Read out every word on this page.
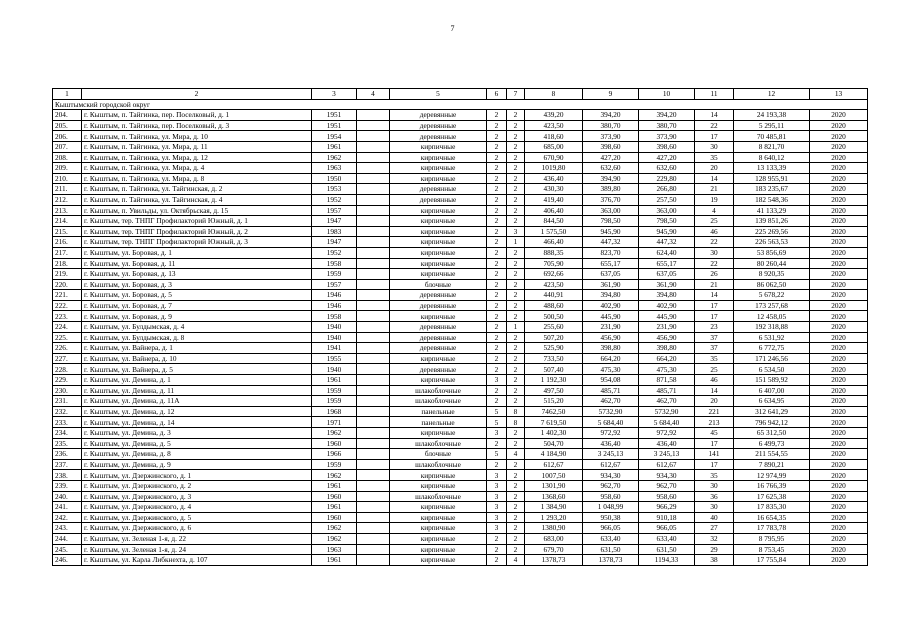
7
1	2	3	4	5	6	7	8	9	10	11	12	13
Кыштымский городской округ												
204.	г. Кыштым, п. Тайгинка, пер. Поселковый, д. 1	1951		деревянные	2	2	439,20	394,20	394,20	14	24 193,38	2020
205.	г. Кыштым, п. Тайгинка, пер. Поселковый, д. 3	1951		деревянные	2	2	423,50	380,70	380,70	22	5 295,11	2020
206.	г. Кыштым, п. Тайгинка, ул. Мира, д. 10	1954		деревянные	2	2	418,60	373,90	373,90	17	70 485,81	2020
207.	г. Кыштым, п. Тайгинка, ул. Мира, д. 11	1961		кирпичные	2	2	685,00	398,60	398,60	30	8 821,70	2020
208.	г. Кыштым, п. Тайгинка, ул. Мира, д. 12	1962		кирпичные	2	2	670,90	427,20	427,20	35	8 640,12	2020
209.	г. Кыштым, п. Тайгинка, ул. Мира, д. 4	1963		кирпичные	2	2	1019,80	632,60	632,60	20	13 133,39	2020
210.	г. Кыштым, п. Тайгинка, ул. Мира, д. 8	1950		кирпичные	2	2	436,40	394,90	229,80	14	128 955,91	2020
211.	г. Кыштым, п. Тайгинка, ул. Тайгинская, д. 2	1953		деревянные	2	2	430,30	389,80	266,80	21	183 235,67	2020
212.	г. Кыштым, п. Тайгинка, ул. Тайгинская, д. 4	1952		деревянные	2	2	419,40	376,70	257,50	19	182 548,36	2020
213.	г. Кыштым, п. Увильды, ул. Октябрьская, д. 15	1957		кирпичные	2	2	406,40	363,00	363,00	4	41 133,29	2020
214.	г. Кыштым, тер. ТНПГ Профилакторий Южный, д. 1	1947		кирпичные	2	2	844,50	798,50	798,50	25	139 851,26	2020
215.	г. Кыштым, тер. ТНПГ Профилакторий Южный, д. 2	1983		кирпичные	2	3	1 575,50	945,90	945,90	46	225 269,56	2020
216.	г. Кыштым, тер. ТНПГ Профилакторий Южный, д. 3	1947		кирпичные	2	1	466,40	447,32	447,32	22	226 563,53	2020
217.	г. Кыштым, ул. Боровая, д. 1	1952		кирпичные	2	2	888,35	823,70	624,40	30	53 856,69	2020
218.	г. Кыштым, ул. Боровая, д. 11	1958		кирпичные	2	2	705,90	655,17	655,17	22	80 260,44	2020
219.	г. Кыштым, ул. Боровая, д. 13	1959		кирпичные	2	2	692,66	637,05	637,05	26	8 920,35	2020
220.	г. Кыштым, ул. Боровая, д. 3	1957		блочные	2	2	423,50	361,90	361,90	21	86 062,50	2020
221.	г. Кыштым, ул. Боровая, д. 5	1946		деревянные	2	2	440,91	394,80	394,80	14	5 678,22	2020
222.	г. Кыштым, ул. Боровая, д. 7	1946		деревянные	2	2	488,60	402,90	402,90	17	173 257,68	2020
223.	г. Кыштым, ул. Боровая, д. 9	1958		кирпичные	2	2	500,50	445,90	445,90	17	12 458,05	2020
224.	г. Кыштым, ул. Булдымская, д. 4	1940		деревянные	2	1	255,60	231,90	231,90	23	192 318,88	2020
225.	г. Кыштым, ул. Булдымская, д. 8	1940		деревянные	2	2	507,20	456,90	456,90	37	6 531,92	2020
226.	г. Кыштым, ул. Вайнера, д. 1	1941		деревянные	2	2	525,90	398,80	398,80	37	6 772,75	2020
227.	г. Кыштым, ул. Вайнера, д. 10	1955		кирпичные	2	2	733,50	664,20	664,20	35	171 246,56	2020
228.	г. Кыштым, ул. Вайнера, д. 5	1940		деревянные	2	2	507,40	475,30	475,30	25	6 534,50	2020
229.	г. Кыштым, ул. Демина, д. 1	1961		кирпичные	3	2	1 192,30	954,08	871,58	46	151 589,92	2020
230.	г. Кыштым, ул. Демина, д. 11	1959		шлакоблочные	2	2	497,50	485,71	485,71	14	6 407,00	2020
231.	г. Кыштым, ул. Демина, д. 11А	1959		шлакоблочные	2	2	515,20	462,70	462,70	20	6 634,95	2020
232.	г. Кыштым, ул. Демина, д. 12	1968		панельные	5	8	7462,50	5732,90	5732,90	221	312 641,29	2020
233.	г. Кыштым, ул. Демина, д. 14	1971		панельные	5	8	7 619,50	5 684,40	5 684,40	213	796 942,12	2020
234.	г. Кыштым, ул. Демина, д. 3	1962		кирпичные	3	2	1 402,30	972,92	972,92	45	65 312,50	2020
235.	г. Кыштым, ул. Демина, д. 5	1960		шлакоблочные	2	2	504,70	436,40	436,40	17	6 499,73	2020
236.	г. Кыштым, ул. Демина, д. 8	1966		блочные	5	4	4 184,90	3 245,13	3 245,13	141	211 554,55	2020
237.	г. Кыштым, ул. Демина, д. 9	1959		шлакоблочные	2	2	612,67	612,67	612,67	17	7 890,21	2020
238.	г. Кыштым, ул. Дзержинского, д. 1	1962		кирпичные	3	2	1007,50	934,30	934,30	35	12 974,99	2020
239.	г. Кыштым, ул. Дзержинского, д. 2	1961		кирпичные	3	2	1301,90	962,70	962,70	30	16 766,39	2020
240.	г. Кыштым, ул. Дзержинского, д. 3	1960		шлакоблочные	3	2	1368,60	958,60	958,60	36	17 625,38	2020
241.	г. Кыштым, ул. Дзержинского, д. 4	1961		кирпичные	3	2	1 384,90	1 048,99	966,29	30	17 835,30	2020
242.	г. Кыштым, ул. Дзержинского, д. 5	1960		кирпичные	3	2	1 293,20	950,38	910,18	40	16 654,35	2020
243.	г. Кыштым, ул. Дзержинского, д. 6	1962		кирпичные	3	2	1380,90	966,05	966,05	27	17 783,78	2020
244.	г. Кыштым, ул. Зеленая 1-я, д. 22	1962		кирпичные	2	2	683,00	633,40	633,40	32	8 795,95	2020
245.	г. Кыштым, ул. Зеленая 1-я, д. 24	1963		кирпичные	2	2	679,70	631,50	631,50	29	8 753,45	2020
246.	г. Кыштым, ул. Карла Либкнехта, д. 107	1961		кирпичные	2	4	1378,73	1378,73	1194,33	38	17 755,84	2020
